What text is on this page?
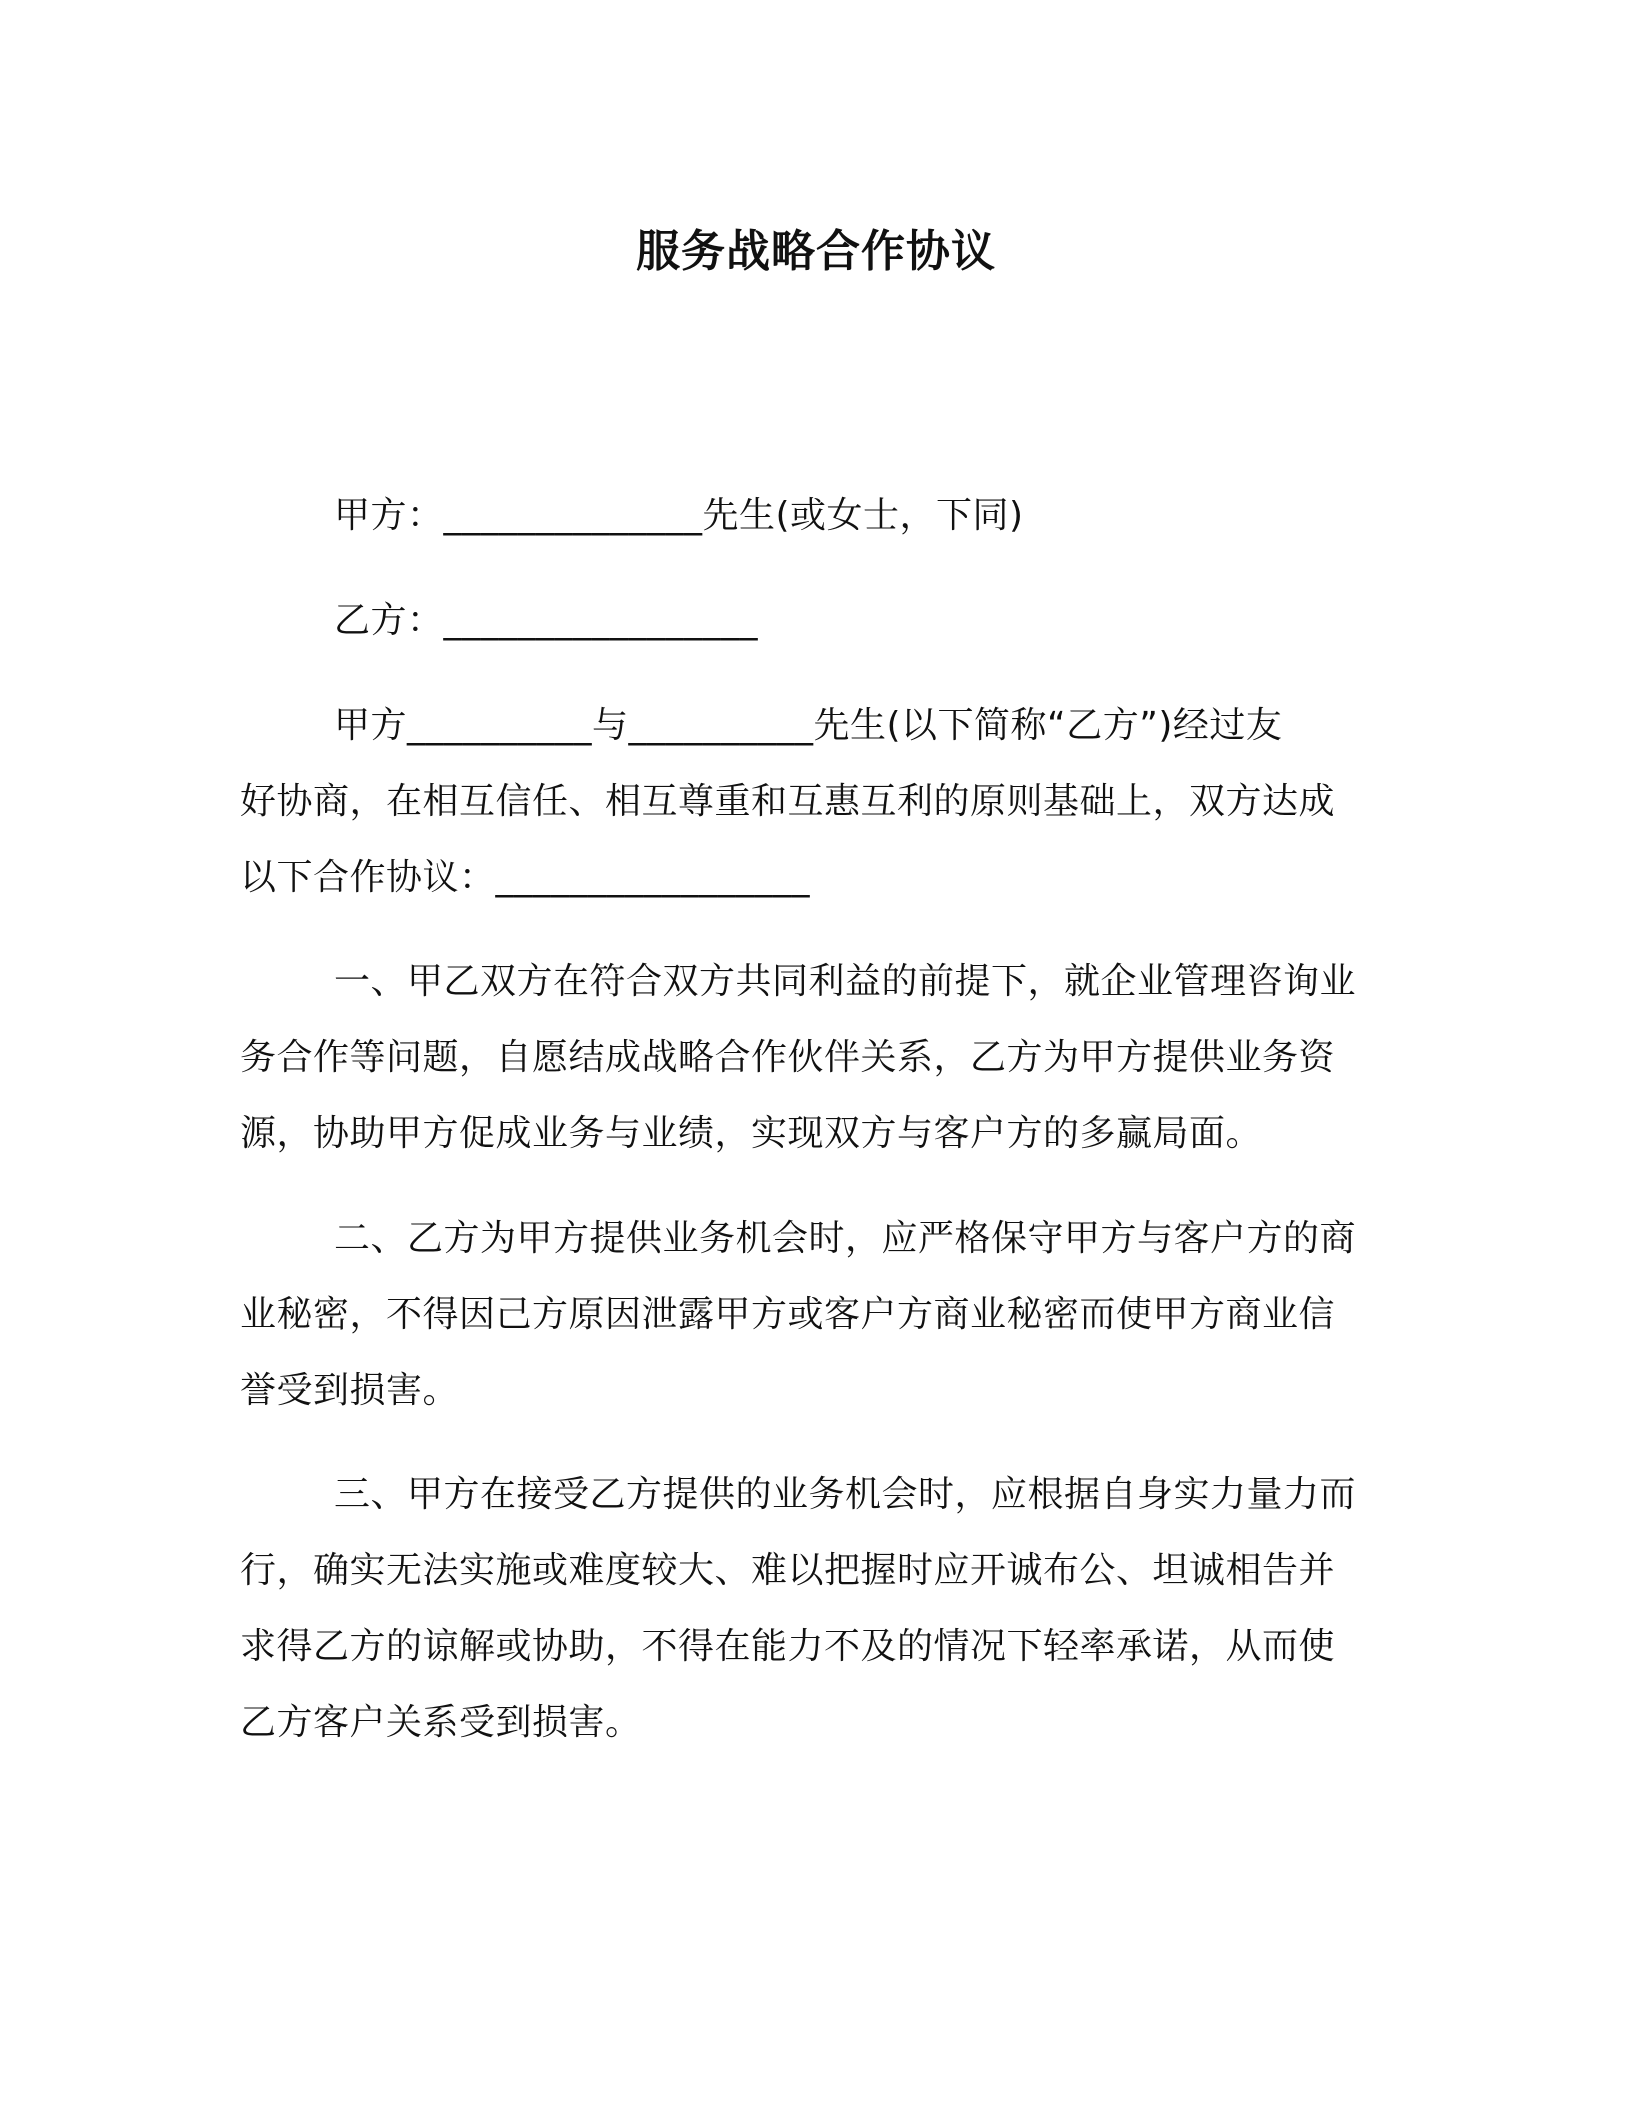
服务战略合作协议
甲方：______________先生(或女士，下同)
乙方：_________________
甲方__________与__________先生(以下简称“乙方”)经过友
好协商，在相互信任、相互尊重和互惠互利的原则基础上，双方达成
以下合作协议：_________________
一、甲乙双方在符合双方共同利益的前提下，就企业管理咨询业
务合作等问题，自愿结成战略合作伙伴关系，乙方为甲方提供业务资
源，协助甲方促成业务与业绩，实现双方与客户方的多赢局面。
二、乙方为甲方提供业务机会时，应严格保守甲方与客户方的商
业秘密，不得因己方原因泄露甲方或客户方商业秘密而使甲方商业信
誉受到损害。
三、甲方在接受乙方提供的业务机会时，应根据自身实力量力而
行，确实无法实施或难度较大、难以把握时应开诚布公、坦诚相告并
求得乙方的谅解或协助，不得在能力不及的情况下轻率承诺，从而使
乙方客户关系受到损害。
